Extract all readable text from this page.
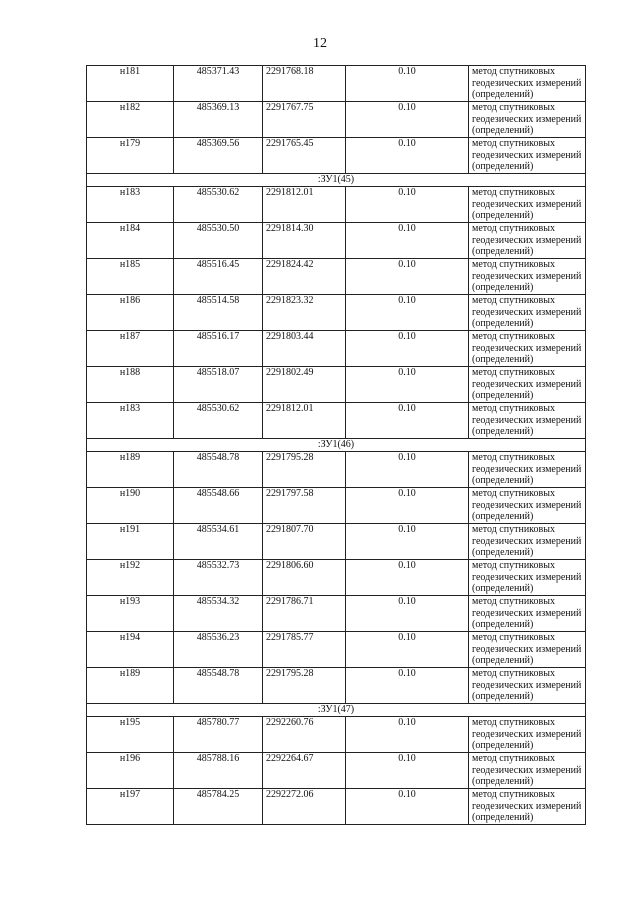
12
н181	485371.43	2291768.18	0.10	метод спутниковых геодезических измерений (определений)
н182	485369.13	2291767.75	0.10	метод спутниковых геодезических измерений (определений)
н179	485369.56	2291765.45	0.10	метод спутниковых геодезических измерений (определений)
:ЗУ1(45)				
н183	485530.62	2291812.01	0.10	метод спутниковых геодезических измерений (определений)
н184	485530.50	2291814.30	0.10	метод спутниковых геодезических измерений (определений)
н185	485516.45	2291824.42	0.10	метод спутниковых геодезических измерений (определений)
н186	485514.58	2291823.32	0.10	метод спутниковых геодезических измерений (определений)
н187	485516.17	2291803.44	0.10	метод спутниковых геодезических измерений (определений)
н188	485518.07	2291802.49	0.10	метод спутниковых геодезических измерений (определений)
н183	485530.62	2291812.01	0.10	метод спутниковых геодезических измерений (определений)
:ЗУ1(46)				
н189	485548.78	2291795.28	0.10	метод спутниковых геодезических измерений (определений)
н190	485548.66	2291797.58	0.10	метод спутниковых геодезических измерений (определений)
н191	485534.61	2291807.70	0.10	метод спутниковых геодезических измерений (определений)
н192	485532.73	2291806.60	0.10	метод спутниковых геодезических измерений (определений)
н193	485534.32	2291786.71	0.10	метод спутниковых геодезических измерений (определений)
н194	485536.23	2291785.77	0.10	метод спутниковых геодезических измерений (определений)
н189	485548.78	2291795.28	0.10	метод спутниковых геодезических измерений (определений)
:ЗУ1(47)				
н195	485780.77	2292260.76	0.10	метод спутниковых геодезических измерений (определений)
н196	485788.16	2292264.67	0.10	метод спутниковых геодезических измерений (определений)
н197	485784.25	2292272.06	0.10	метод спутниковых геодезических измерений (определений)
